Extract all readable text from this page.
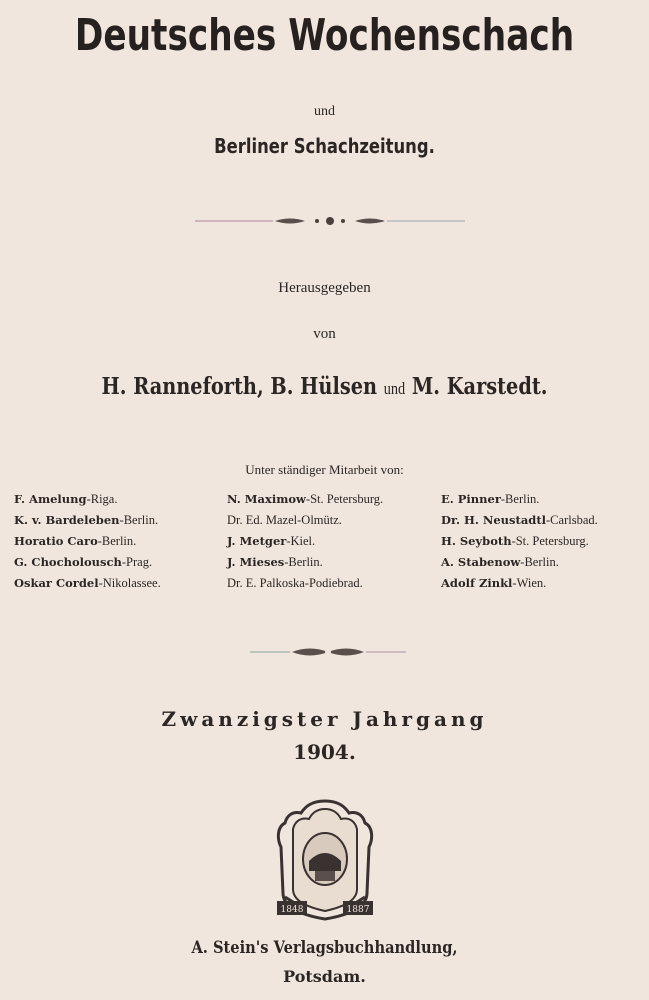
Deutsches Wochenschach
und
Berliner Schachzeitung.
Herausgegeben
von
H. Ranneforth, B. Hülsen und M. Karstedt.
Unter ständiger Mitarbeit von:
F. Amelung-Riga.
K. v. Bardeleben-Berlin.
Horatio Caro-Berlin.
G. Chocholousch-Prag.
Oskar Cordel-Nikolassee.
N. Maximow-St. Petersburg.
Dr. Ed. Mazel-Olmütz.
J. Metger-Kiel.
J. Mieses-Berlin.
Dr. E. Palkoska-Podiebrad.
E. Pinner-Berlin.
Dr. H. Neustadtl-Carlsbad.
H. Seyboth-St. Petersburg.
A. Stabenow-Berlin.
Adolf Zinkl-Wien.
Zwanzigster Jahrgang
1904.
1848	1887
A. Stein's Verlagsbuchhandlung,
Potsdam.
